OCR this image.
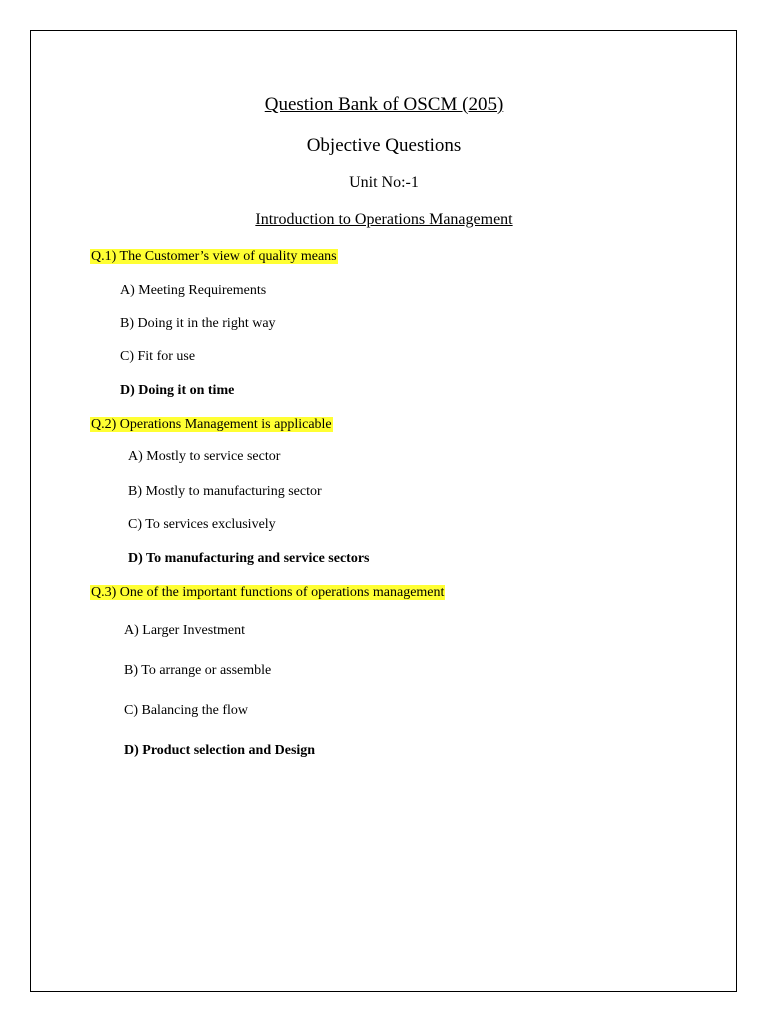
Question Bank of OSCM (205)
Objective Questions
Unit No:-1
Introduction to Operations Management
Q.1) The Customer’s view of quality means
A) Meeting Requirements
B) Doing it in the right way
C) Fit for use
D) Doing it on time
Q.2) Operations Management is applicable
A) Mostly to service sector
B) Mostly to manufacturing sector
C) To services exclusively
D) To manufacturing and service sectors
Q.3) One of the important functions of operations management
A) Larger Investment
B) To arrange or assemble
C) Balancing the flow
D) Product selection and Design
